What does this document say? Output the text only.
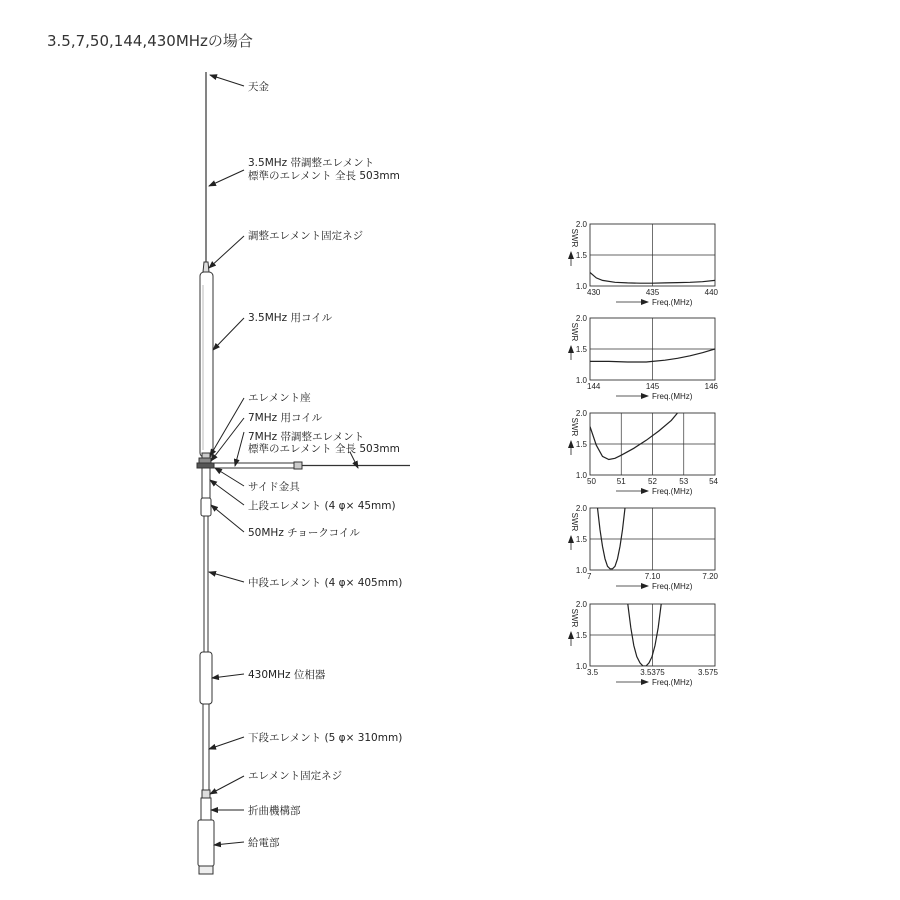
3.5,7,50,144,430MHzの場合
天金
3.5MHz 帯調整エレメント
標準のエレメント 全長 503mm
調整エレメント固定ネジ
3.5MHz 用コイル
エレメント座
7MHz 用コイル
7MHz 帯調整エレメント
標準のエレメント 全長 503mm
サイド金具
上段エレメント (4 φ× 45mm)
50MHz チョークコイル
中段エレメント (4 φ× 405mm)
430MHz 位相器
下段エレメント (5 φ× 310mm)
エレメント固定ネジ
折曲機構部
給電部
1.0
1.5
2.0
430	435	440
SWR
Freq.(MHz)
1.0
1.5
2.0
144	145	146
SWR
Freq.(MHz)
1.0
1.5
2.0
50	51	52	53	54
SWR
Freq.(MHz)
1.0
1.5
2.0
7	7.10	7.20
SWR
Freq.(MHz)
1.0
1.5
2.0
3.5	3.5375	3.575
SWR
Freq.(MHz)
